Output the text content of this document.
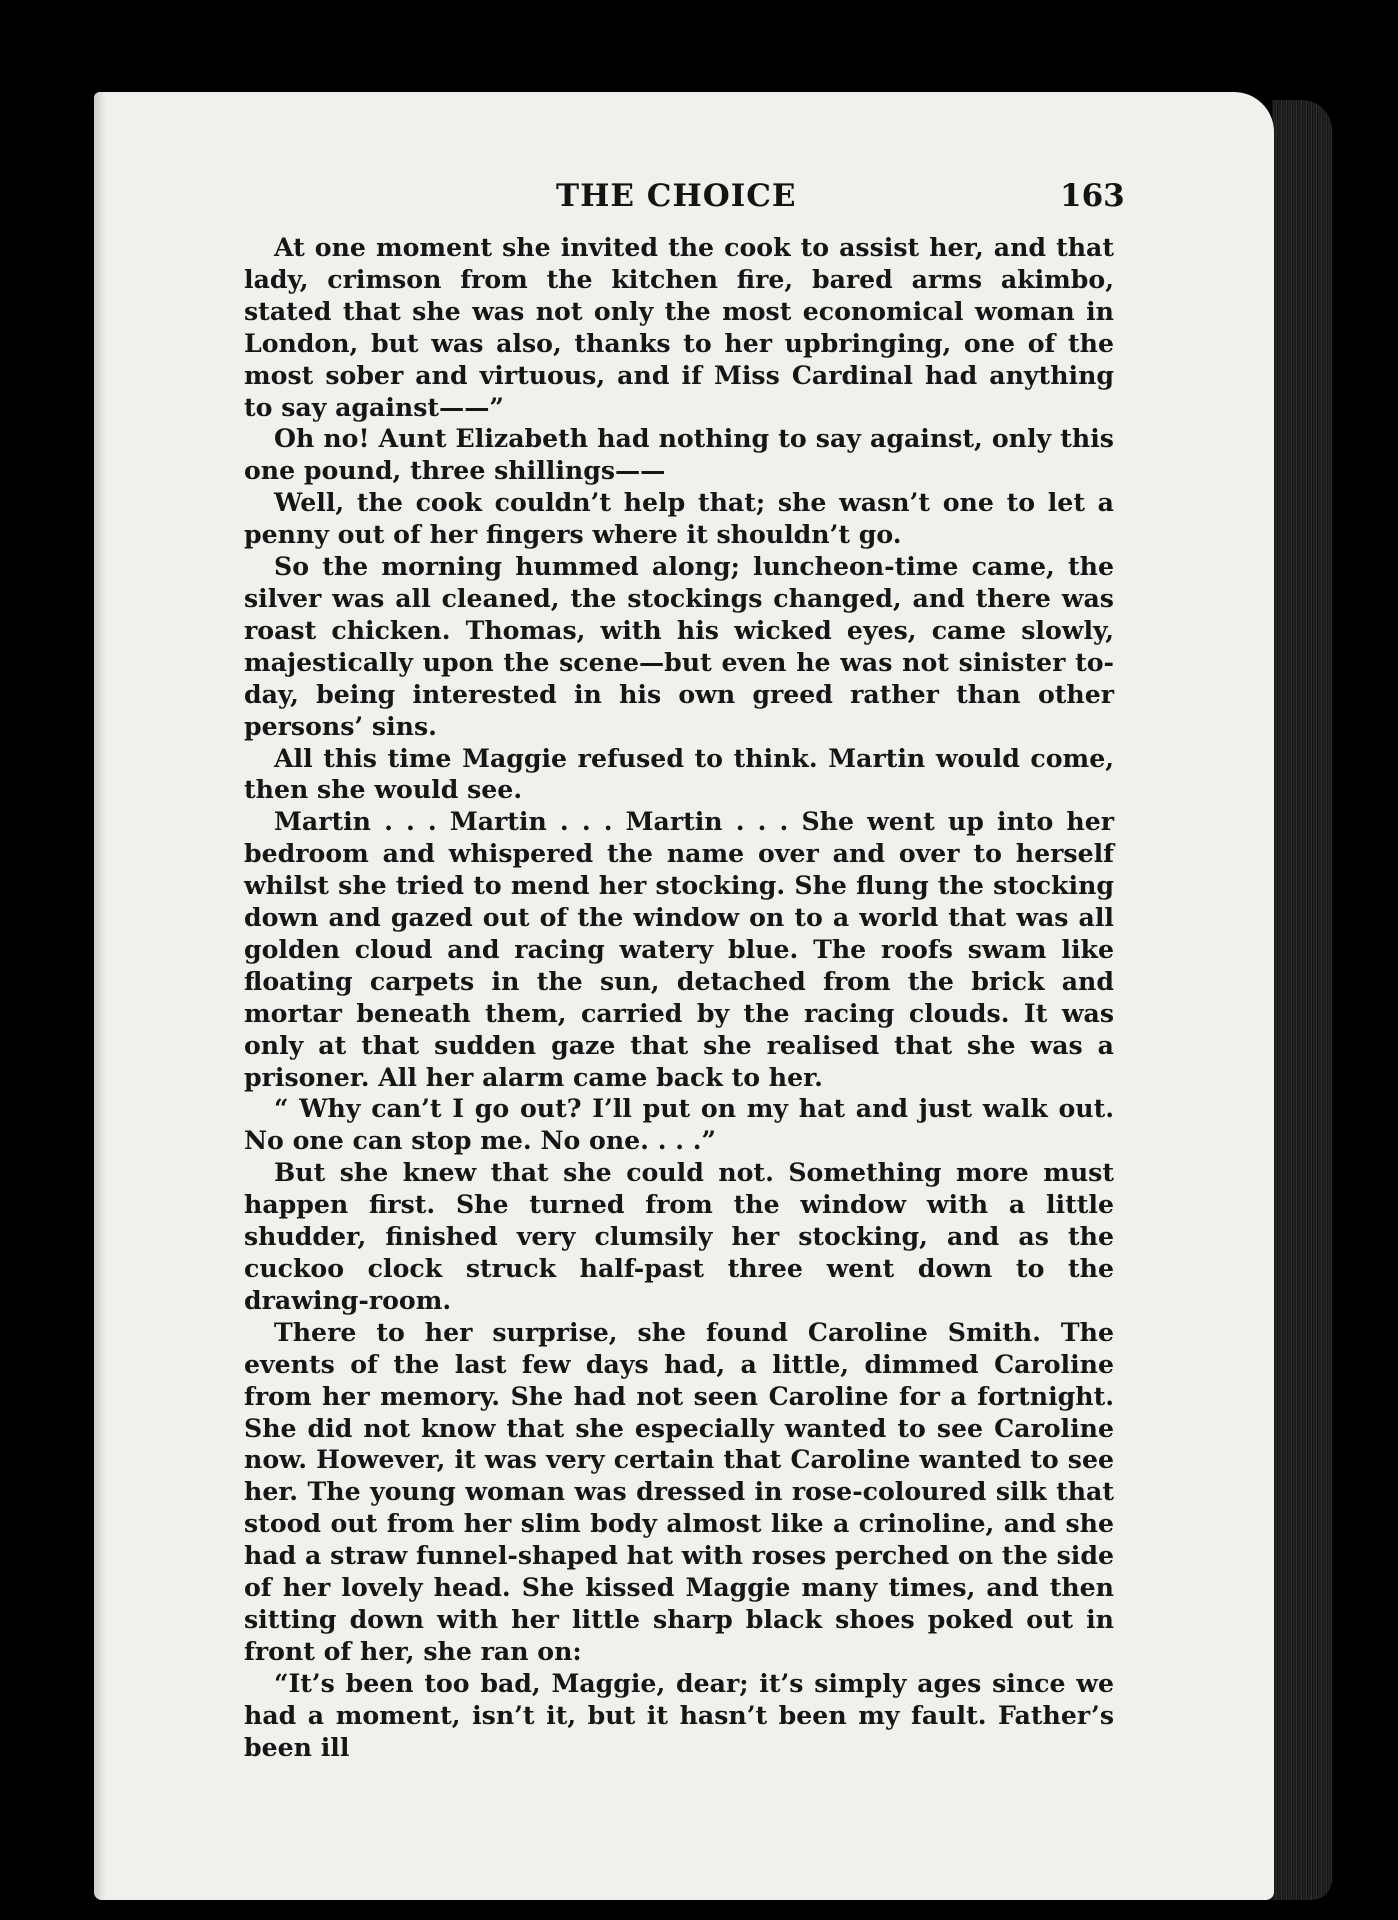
THE CHOICE	163

At one moment she invited the cook to assist her, and that lady, crimson from the kitchen fire, bared arms akimbo, stated that she was not only the most economical woman in London, but was also, thanks to her upbringing, one of the most sober and virtuous, and if Miss Cardinal had anything to say against——”

Oh no! Aunt Elizabeth had nothing to say against, only this one pound, three shillings——

Well, the cook couldn’t help that; she wasn’t one to let a penny out of her fingers where it shouldn’t go.

So the morning hummed along; luncheon-time came, the silver was all cleaned, the stockings changed, and there was roast chicken. Thomas, with his wicked eyes, came slowly, majestically upon the scene—but even he was not sinister to-day, being interested in his own greed rather than other persons’ sins.

All this time Maggie refused to think. Martin would come, then she would see.

Martin . . . Martin . . . Martin . . . She went up into her bedroom and whispered the name over and over to herself whilst she tried to mend her stocking. She flung the stocking down and gazed out of the window on to a world that was all golden cloud and racing watery blue. The roofs swam like floating carpets in the sun, detached from the brick and mortar beneath them, carried by the racing clouds. It was only at that sudden gaze that she realised that she was a prisoner. All her alarm came back to her.

“ Why can’t I go out? I’ll put on my hat and just walk out. No one can stop me. No one. . . .”

But she knew that she could not. Something more must happen first. She turned from the window with a little shudder, finished very clumsily her stocking, and as the cuckoo clock struck half-past three went down to the drawing-room.

There to her surprise, she found Caroline Smith. The events of the last few days had, a little, dimmed Caroline from her memory. She had not seen Caroline for a fortnight. She did not know that she especially wanted to see Caroline now. However, it was very certain that Caroline wanted to see her. The young woman was dressed in rose-coloured silk that stood out from her slim body almost like a crinoline, and she had a straw funnel-shaped hat with roses perched on the side of her lovely head. She kissed Maggie many times, and then sitting down with her little sharp black shoes poked out in front of her, she ran on:

“It’s been too bad, Maggie, dear; it’s simply ages since we had a moment, isn’t it, but it hasn’t been my fault. Father’s been ill
